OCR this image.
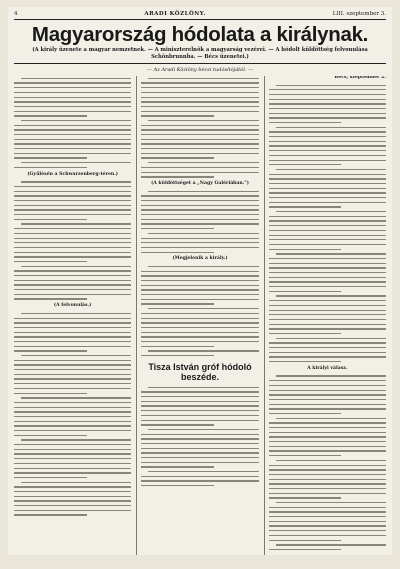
4	ARADI KÖZLÖNY.	LIII. szeptember 3.
Magyarország hódolata a királynak.
(A király üzenete a magyar nemzetnek. — A miniszterelnök a magyarság vezérei. — A hódolt küldöttség felvonulása Schönbrunnba. — Bécs üzenetei.)
— Az Aradi Közlöny bécsi tudósítójától. —
(Gyűlésén a Schwarzenberg-téren.)
(A felvonulás.)
(A küldöttséget a „Nagy Galériában.")
(Megjelenik a király.)
Tisza István gróf hódoló beszéde.
Bécs, szeptember 2.
A királyi válasz.
